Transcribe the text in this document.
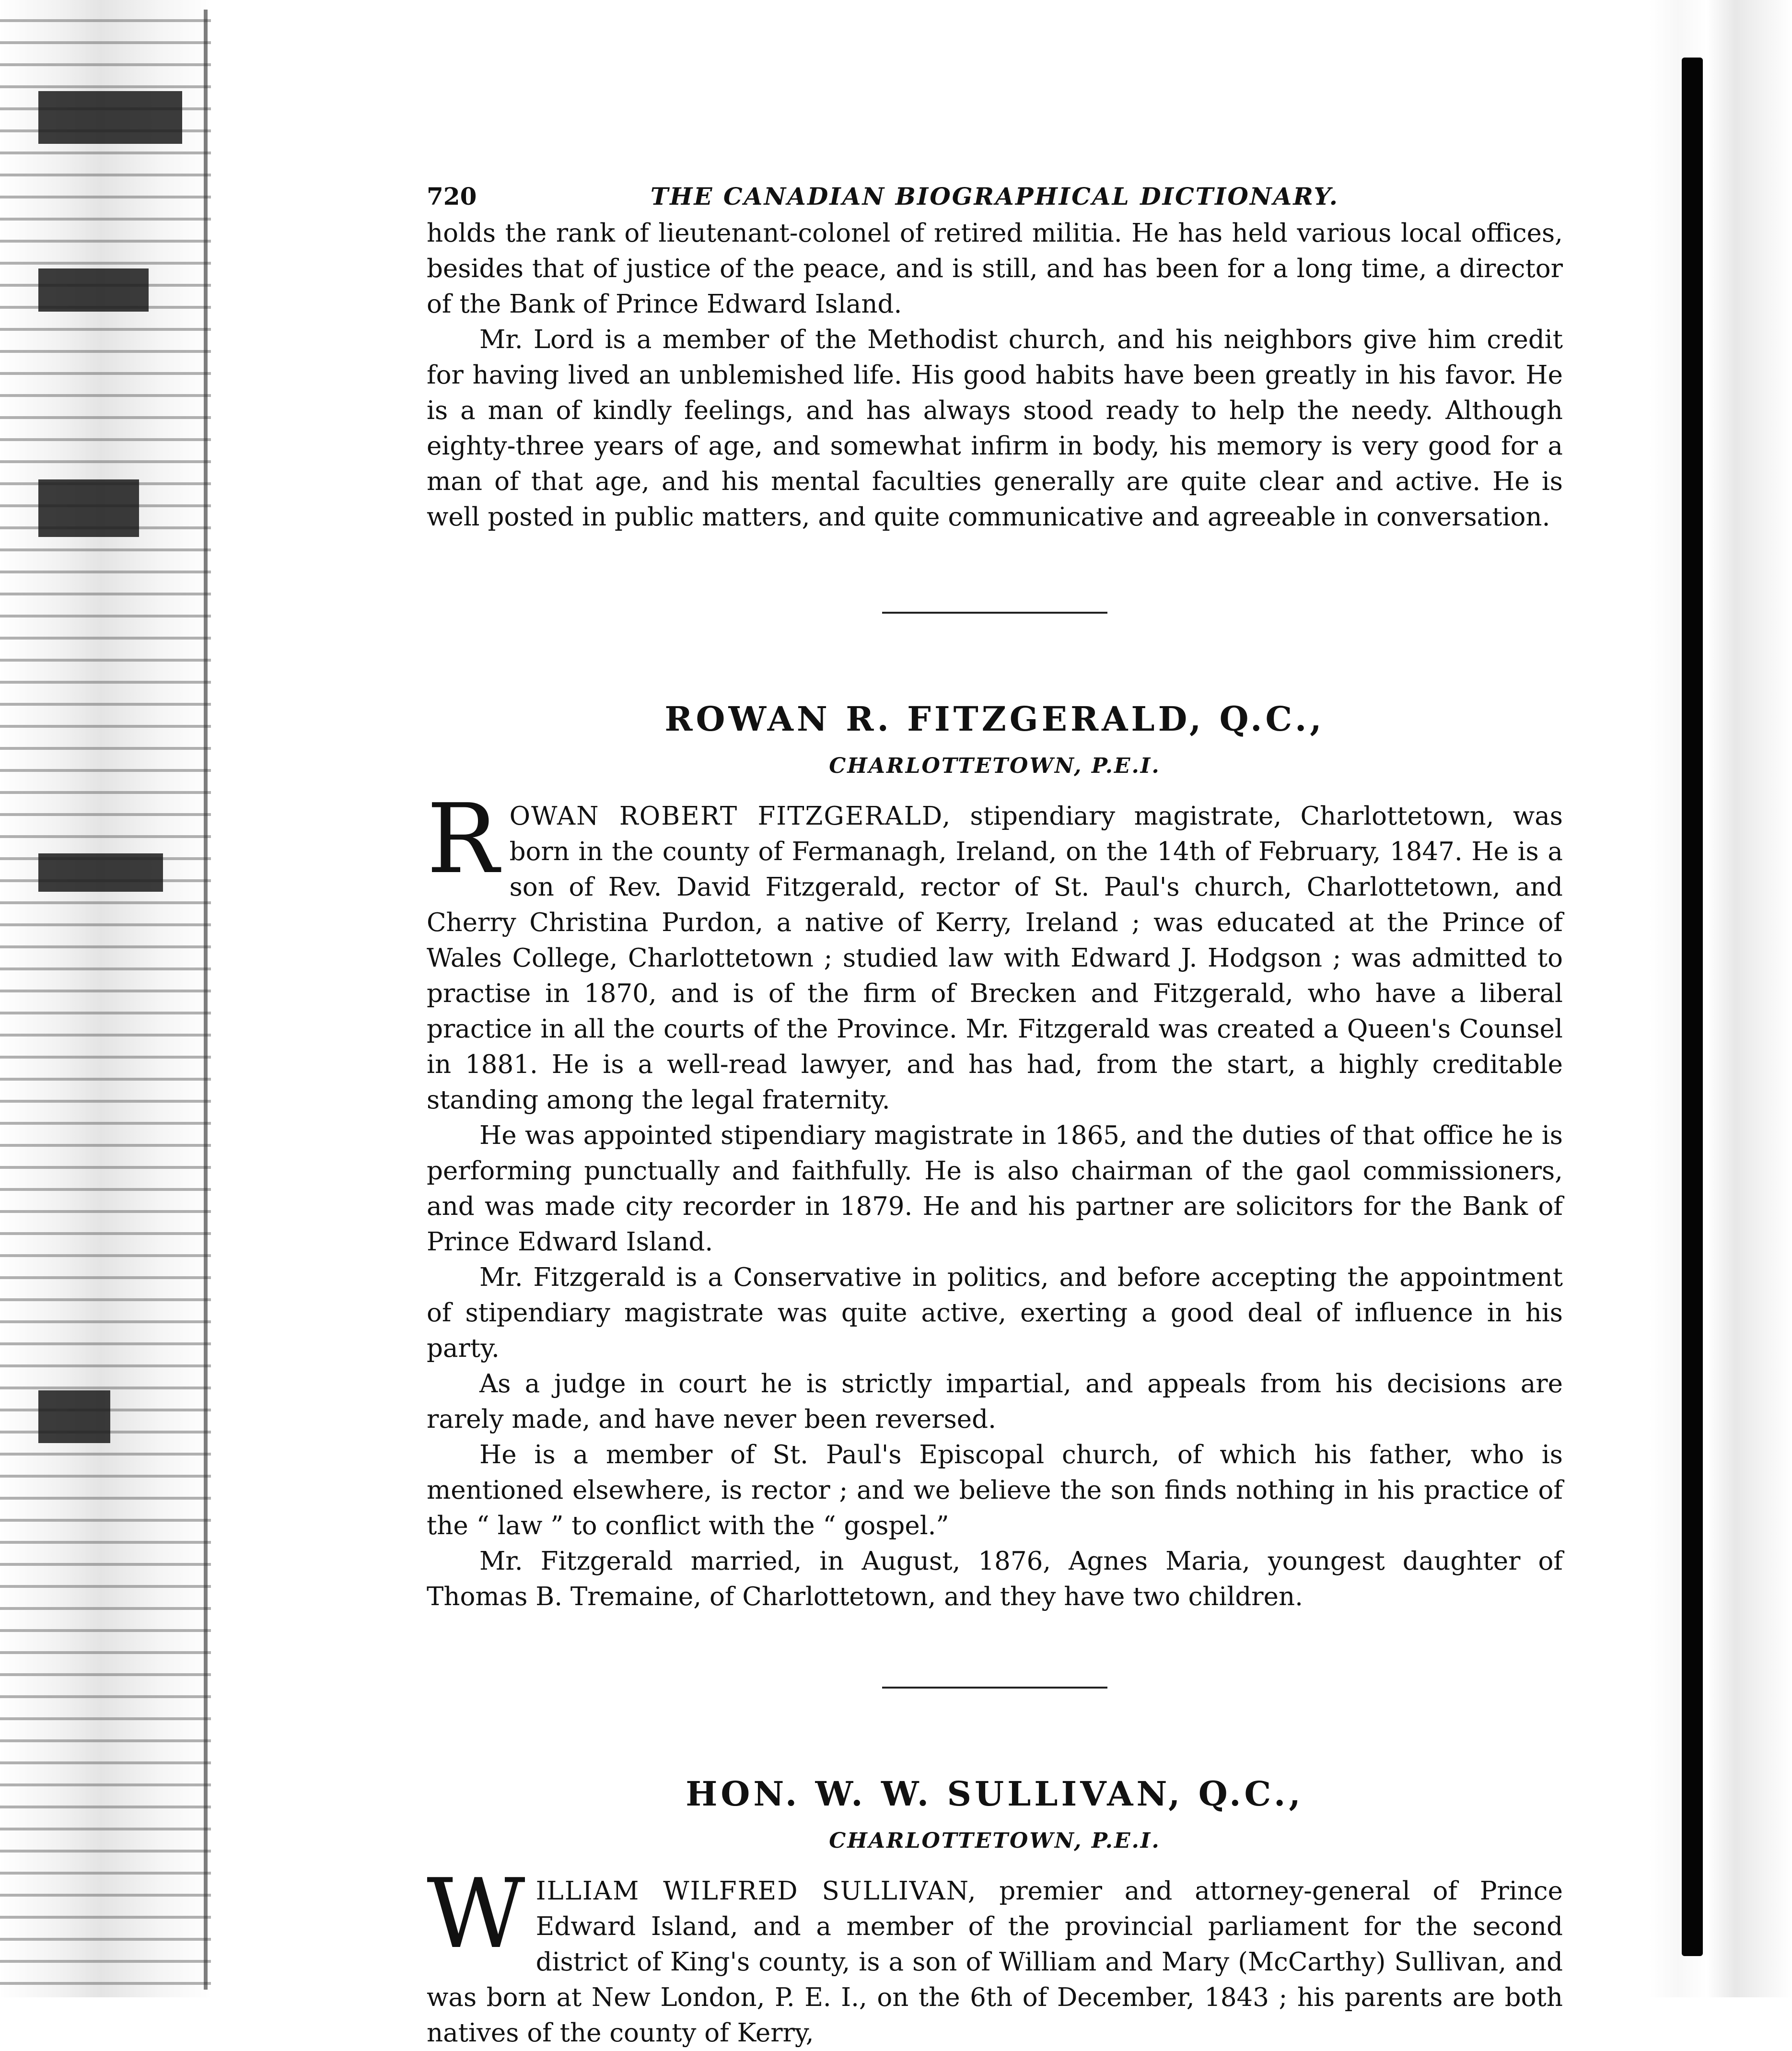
720	THE CANADIAN BIOGRAPHICAL DICTIONARY.

holds the rank of lieutenant-colonel of retired militia. He has held various local offices, besides that of justice of the peace, and is still, and has been for a long time, a director of the Bank of Prince Edward Island.

Mr. Lord is a member of the Methodist church, and his neighbors give him credit for having lived an unblemished life. His good habits have been greatly in his favor. He is a man of kindly feelings, and has always stood ready to help the needy. Although eighty-three years of age, and somewhat infirm in body, his memory is very good for a man of that age, and his mental faculties generally are quite clear and active. He is well posted in public matters, and quite communicative and agreeable in conversation.

ROWAN R. FITZGERALD, Q.C.,
CHARLOTTETOWN, P.E.I.

ROWAN ROBERT FITZGERALD, stipendiary magistrate, Charlottetown, was born in the county of Fermanagh, Ireland, on the 14th of February, 1847. He is a son of Rev. David Fitzgerald, rector of St. Paul's church, Charlottetown, and Cherry Christina Purdon, a native of Kerry, Ireland ; was educated at the Prince of Wales College, Charlottetown ; studied law with Edward J. Hodgson ; was admitted to practise in 1870, and is of the firm of Brecken and Fitzgerald, who have a liberal practice in all the courts of the Province. Mr. Fitzgerald was created a Queen's Counsel in 1881. He is a well-read lawyer, and has had, from the start, a highly creditable standing among the legal fraternity.

He was appointed stipendiary magistrate in 1865, and the duties of that office he is performing punctually and faithfully. He is also chairman of the gaol commissioners, and was made city recorder in 1879. He and his partner are solicitors for the Bank of Prince Edward Island.

Mr. Fitzgerald is a Conservative in politics, and before accepting the appointment of stipendiary magistrate was quite active, exerting a good deal of influence in his party.

As a judge in court he is strictly impartial, and appeals from his decisions are rarely made, and have never been reversed.

He is a member of St. Paul's Episcopal church, of which his father, who is mentioned elsewhere, is rector ; and we believe the son finds nothing in his practice of the “ law ” to conflict with the “ gospel.”

Mr. Fitzgerald married, in August, 1876, Agnes Maria, youngest daughter of Thomas B. Tremaine, of Charlottetown, and they have two children.

HON. W. W. SULLIVAN, Q.C.,
CHARLOTTETOWN, P.E.I.

WILLIAM WILFRED SULLIVAN, premier and attorney-general of Prince Edward Island, and a member of the provincial parliament for the second district of King's county, is a son of William and Mary (McCarthy) Sullivan, and was born at New London, P. E. I., on the 6th of December, 1843 ; his parents are both natives of the county of Kerry,
